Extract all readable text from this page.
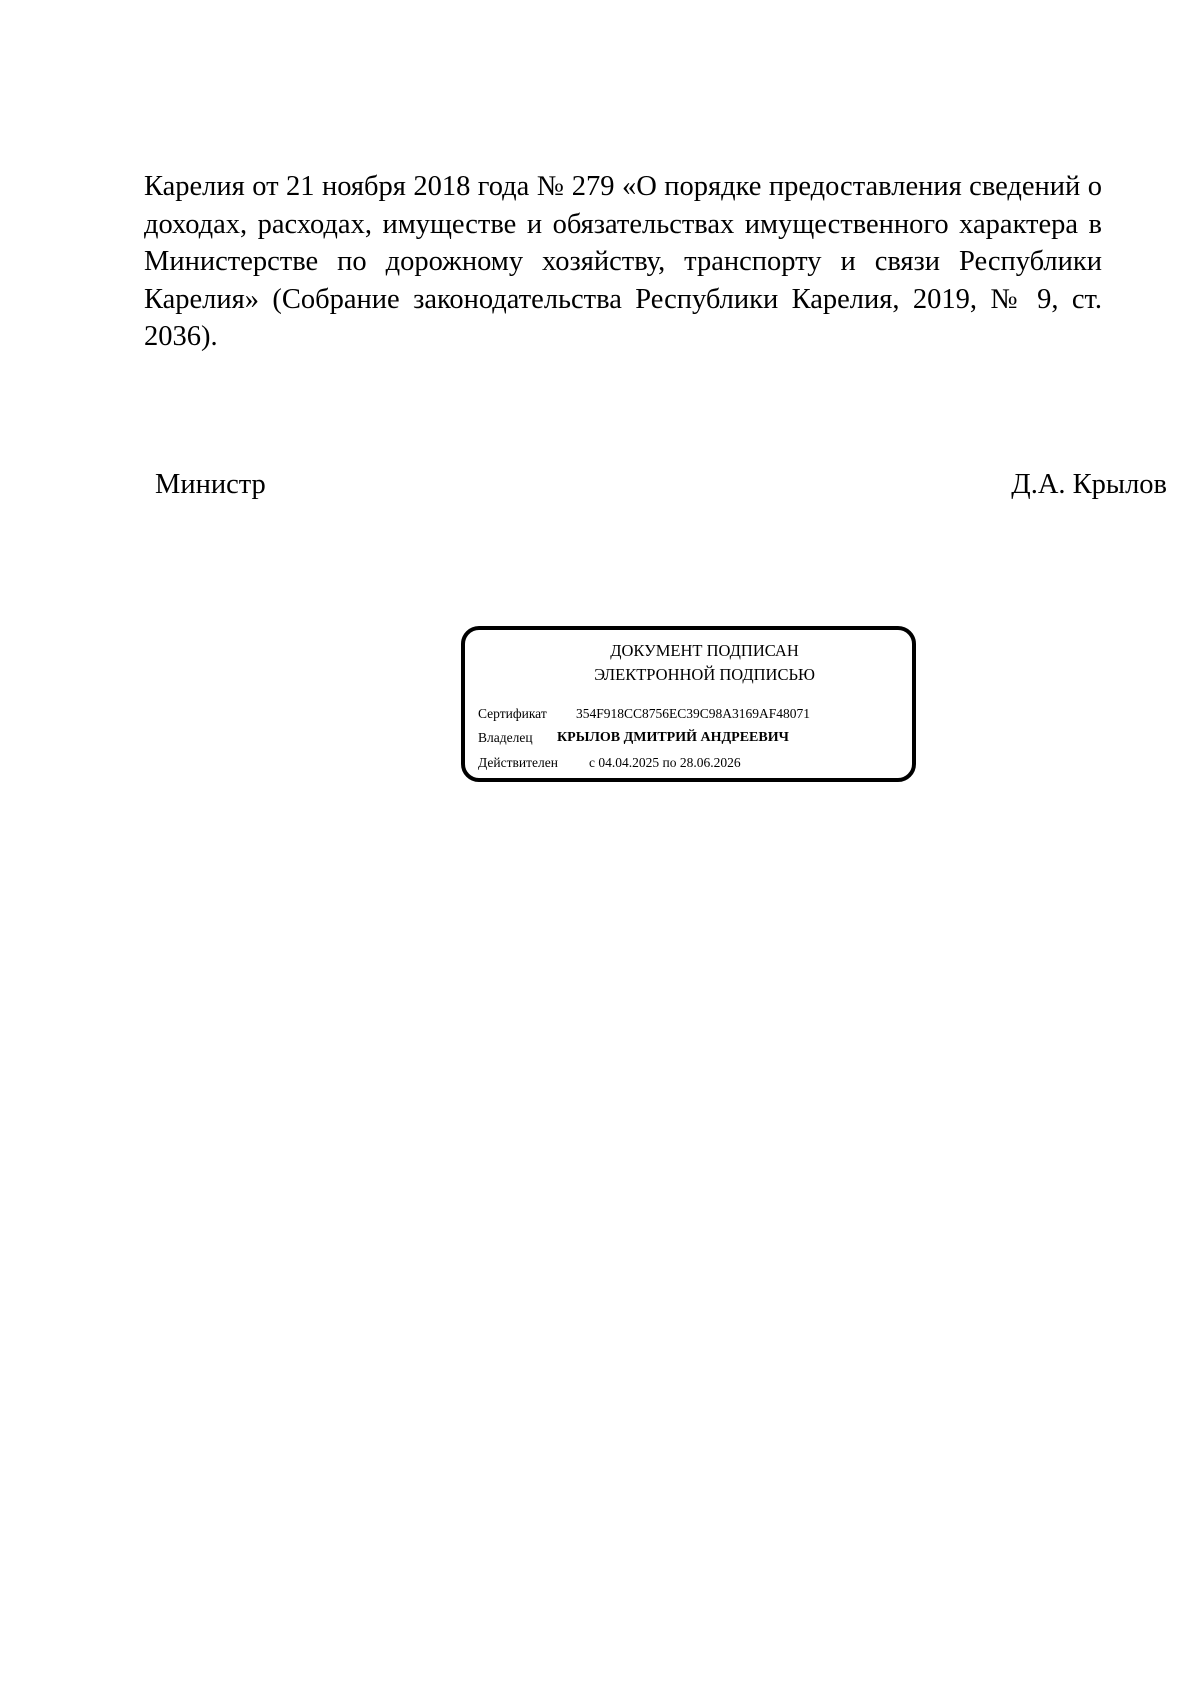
Карелия от 21 ноября 2018 года № 279 «О порядке предоставления сведений о доходах, расходах, имуществе и обязательствах имущественного характера в Министерстве по дорожному хозяйству, транспорту и связи Республики Карелия» (Собрание законодательства Республики Карелия, 2019, № 9, ст. 2036).

Министр	Д.А. Крылов
ДОКУМЕНТ ПОДПИСАН
ЭЛЕКТРОННОЙ ПОДПИСЬЮ
Сертификат 354F918CC8756EC39C98A3169AF48071
Владелец КРЫЛОВ ДМИТРИЙ АНДРЕЕВИЧ
Действителен с 04.04.2025 по 28.06.2026
